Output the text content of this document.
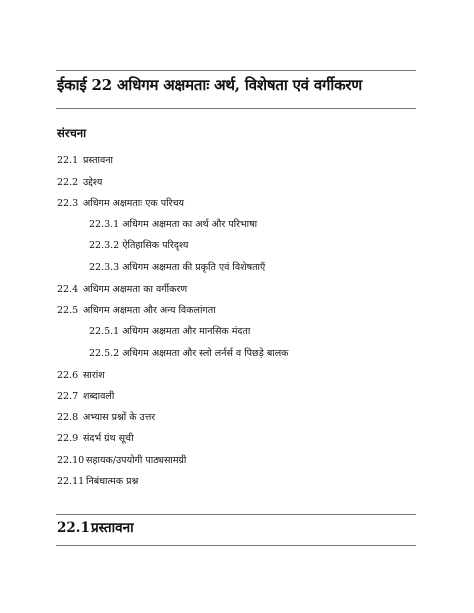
ईकाई 22 अधिगम अक्षमताः अर्थ, विशेषता एवं वर्गीकरण
संरचना
22.1 प्रस्तावना
22.2 उद्देश्य
22.3 अधिगम अक्षमताः एक परिचय
22.3.1 अधिगम अक्षमता का अर्थ और परिभाषा
22.3.2 ऐतिहासिक परिदृश्य
22.3.3 अधिगम अक्षमता की प्रकृति एवं विशेषताएँ
22.4 अधिगम अक्षमता का वर्गीकरण
22.5 अधिगम अक्षमता और अन्य विकलांगता
22.5.1 अधिगम अक्षमता और मानसिक मंदता
22.5.2 अधिगम अक्षमता और स्लो लर्नर्स व पिछड़े बालक
22.6 सारांश
22.7 शब्दावली
22.8 अभ्यास प्रश्नों के उत्तर
22.9 संदर्भ ग्रंथ सूची
22.10 सहायक/उपयोगी पाठ्यसामग्री
22.11 निबंधात्मक प्रश्न
22.1प्रस्तावना
